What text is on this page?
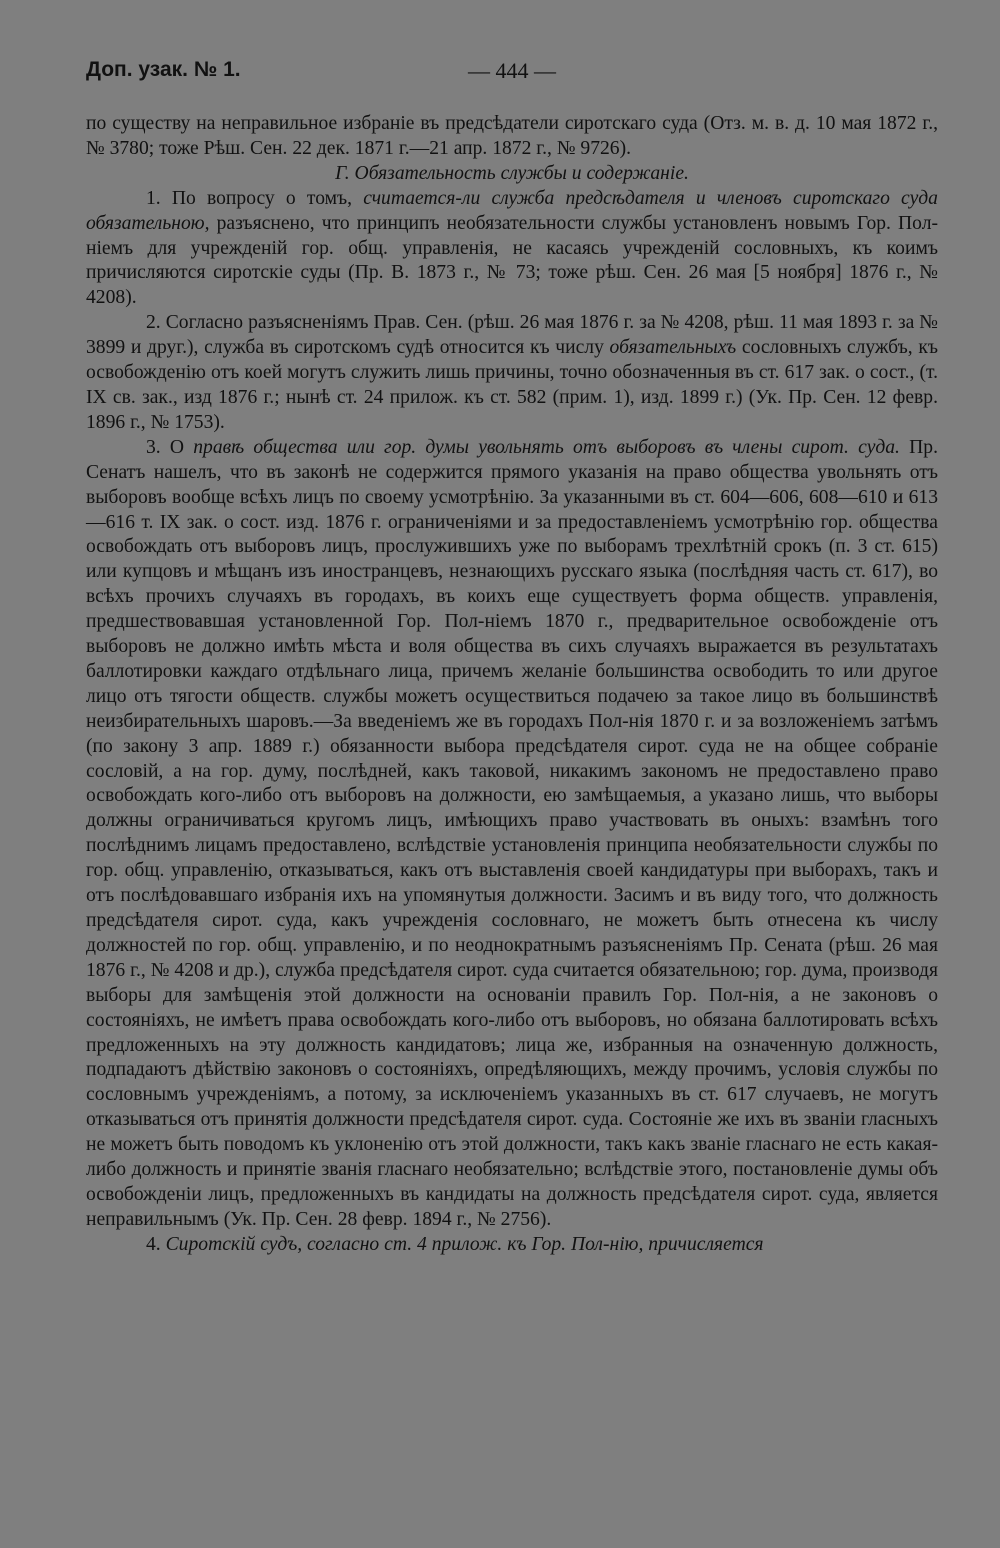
Доп. узак. № 1.	— 444 —

по существу на неправильное избраніе въ предсѣдатели сиротскаго суда (Отз. м. в. д. 10 мая 1872 г., № 3780; тоже Рѣш. Сен. 22 дек. 1871 г.—21 апр. 1872 г., № 9726).

Г. Обязательность службы и содержаніе.

1. По вопросу о томъ, считается-ли служба предсѣдателя и членовъ сиротскаго суда обязательною, разъяснено, что принципъ необязательности службы установленъ новымъ Гор. Пол-ніемъ для учрежденій гор. общ. управленія, не касаясь учрежденій сословныхъ, къ коимъ причисляются сиротскіе суды (Пр. В. 1873 г., № 73; тоже рѣш. Сен. 26 мая [5 ноября] 1876 г., № 4208).

2. Согласно разъясненіямъ Прав. Сен. (рѣш. 26 мая 1876 г. за № 4208, рѣш. 11 мая 1893 г. за № 3899 и друг.), служба въ сиротскомъ судѣ относится къ числу обязательныхъ сословныхъ службъ, къ освобожденію отъ коей могутъ служить лишь причины, точно обозначенныя въ ст. 617 зак. о сост., (т. IX св. зак., изд 1876 г.; нынѣ ст. 24 прилож. къ ст. 582 (прим. 1), изд. 1899 г.) (Ук. Пр. Сен. 12 февр. 1896 г., № 1753).

3. О правѣ общества или гор. думы увольнять отъ выборовъ въ члены сирот. суда. Пр. Сенатъ нашелъ, что въ законѣ не содержится прямого указанія на право общества увольнять отъ выборовъ вообще всѣхъ лицъ по своему усмотрѣнію. За указанными въ ст. 604—606, 608—610 и 613—616 т. IX зак. о сост. изд. 1876 г. ограниченіями и за предоставленіемъ усмотрѣнію гор. общества освобождать отъ выборовъ лицъ, прослужившихъ уже по выборамъ трехлѣтній срокъ (п. 3 ст. 615) или купцовъ и мѣщанъ изъ иностранцевъ, незнающихъ русскаго языка (послѣдняя часть ст. 617), во всѣхъ прочихъ случаяхъ въ городахъ, въ коихъ еще существуетъ форма обществ. управленія, предшествовавшая установленной Гор. Пол-ніемъ 1870 г., предварительное освобожденіе отъ выборовъ не должно имѣть мѣста и воля общества въ сихъ случаяхъ выражается въ результатахъ баллотировки каждаго отдѣльнаго лица, причемъ желаніе большинства освободить то или другое лицо отъ тягости обществ. службы можетъ осуществиться подачею за такое лицо въ большинствѣ неизбирательныхъ шаровъ.—За введеніемъ же въ городахъ Пол-нія 1870 г. и за возложеніемъ затѣмъ (по закону 3 апр. 1889 г.) обязанности выбора предсѣдателя сирот. суда не на общее собраніе сословій, а на гор. думу, послѣдней, какъ таковой, никакимъ закономъ не предоставлено право освобождать кого-либо отъ выборовъ на должности, ею замѣщаемыя, а указано лишь, что выборы должны ограничиваться кругомъ лицъ, имѣющихъ право участвовать въ оныхъ: взамѣнъ того послѣднимъ лицамъ предоставлено, вслѣдствіе установленія принципа необязательности службы по гор. общ. управленію, отказываться, какъ отъ выставленія своей кандидатуры при выборахъ, такъ и отъ послѣдовавшаго избранія ихъ на упомянутыя должности. Засимъ и въ виду того, что должность предсѣдателя сирот. суда, какъ учрежденія сословнаго, не можетъ быть отнесена къ числу должностей по гор. общ. управленію, и по неоднократнымъ разъясненіямъ Пр. Сената (рѣш. 26 мая 1876 г., № 4208 и др.), служба предсѣдателя сирот. суда считается обязательною; гор. дума, производя выборы для замѣщенія этой должности на основаніи правилъ Гор. Пол-нія, а не законовъ о состояніяхъ, не имѣетъ права освобождать кого-либо отъ выборовъ, но обязана баллотировать всѣхъ предложенныхъ на эту должность кандидатовъ; лица же, избранныя на означенную должность, подпадаютъ дѣйствію законовъ о состояніяхъ, опредѣляющихъ, между прочимъ, условія службы по сословнымъ учрежденіямъ, а потому, за исключеніемъ указанныхъ въ ст. 617 случаевъ, не могутъ отказываться отъ принятія должности предсѣдателя сирот. суда. Состояніе же ихъ въ званіи гласныхъ не можетъ быть поводомъ къ уклоненію отъ этой должности, такъ какъ званіе гласнаго не есть какая-либо должность и принятіе званія гласнаго необязательно; вслѣдствіе этого, постановленіе думы объ освобожденіи лицъ, предложенныхъ въ кандидаты на должность предсѣдателя сирот. суда, является неправильнымъ (Ук. Пр. Сен. 28 февр. 1894 г., № 2756).

4. Сиротскій судъ, согласно ст. 4 прилож. къ Гор. Пол-нію, причисляется
